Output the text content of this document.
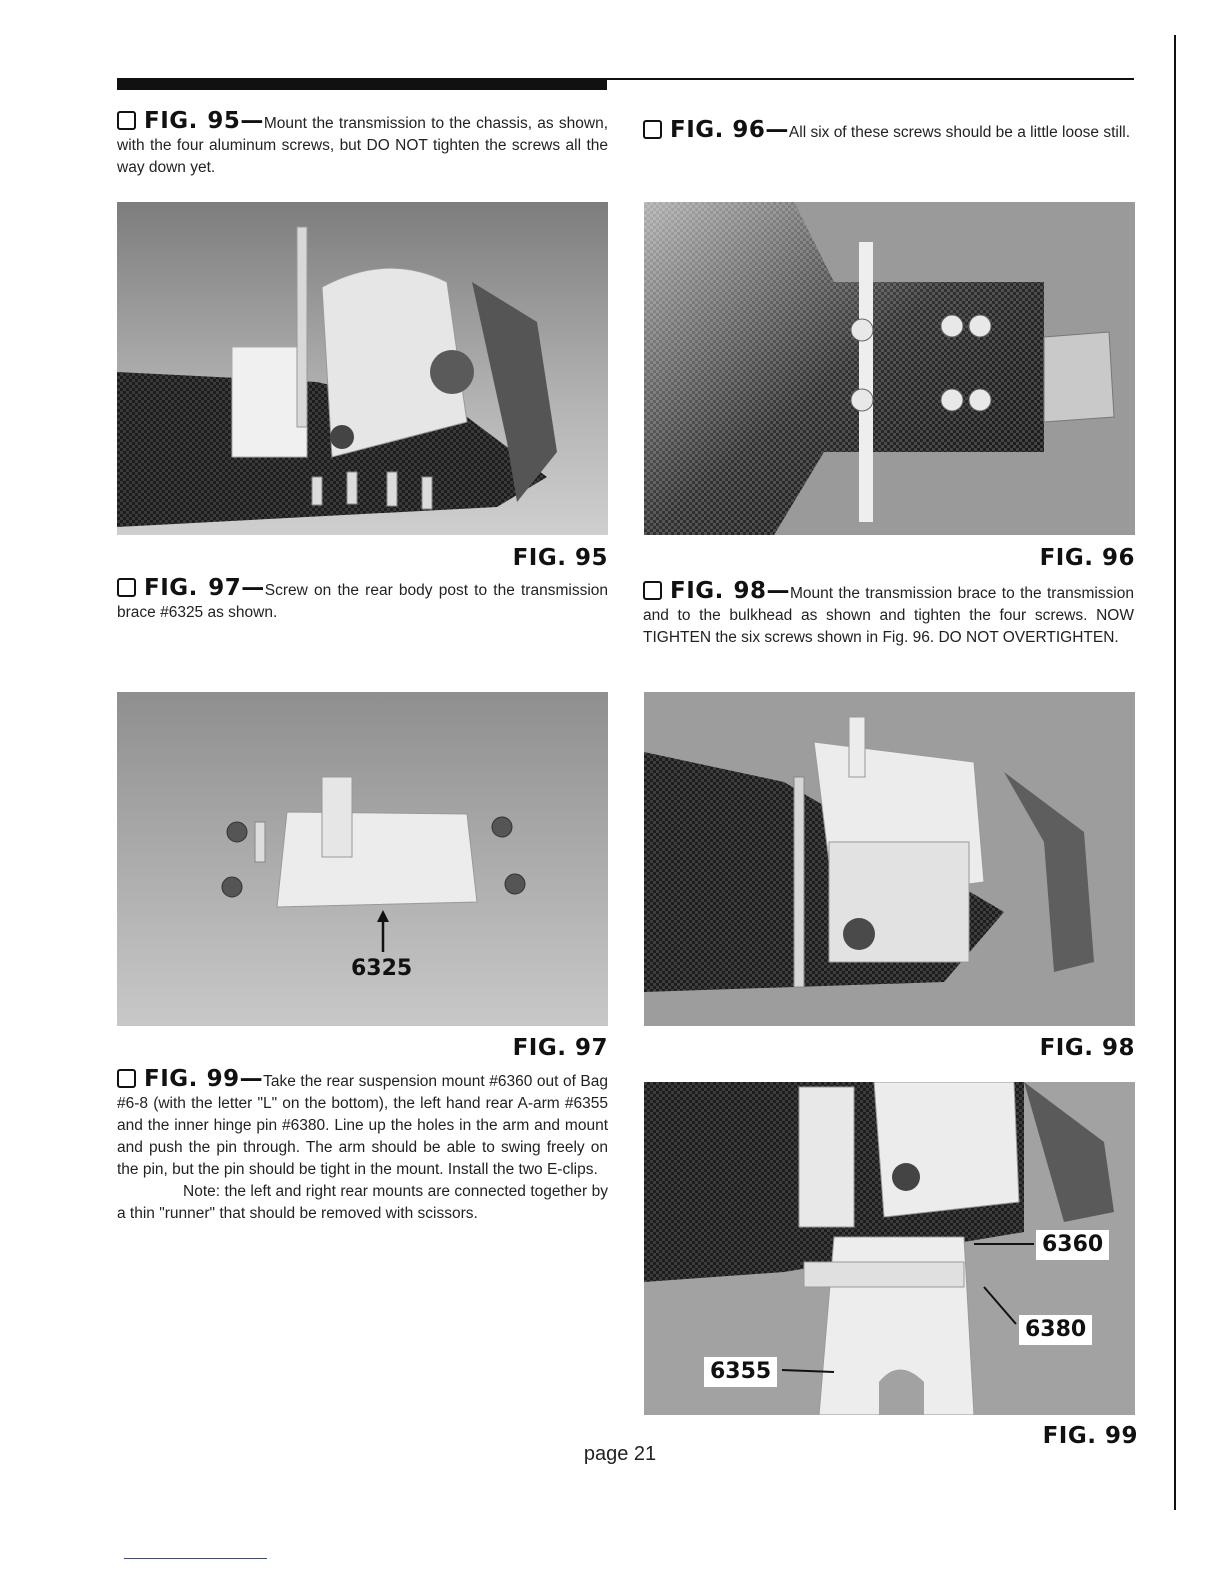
FIG. 95—Mount the transmission to the chassis, as shown, with the four aluminum screws, but DO NOT tighten the screws all the way down yet.

FIG. 96—All six of these screws should be a little loose still.

FIG. 95	FIG. 96

FIG. 97—Screw on the rear body post to the transmission brace #6325 as shown.

FIG. 98—Mount the transmission brace to the transmission and to the bulkhead as shown and tighten the four screws. NOW TIGHTEN the six screws shown in Fig. 96. DO NOT OVERTIGHTEN.

6325
FIG. 97	FIG. 98

FIG. 99—Take the rear suspension mount #6360 out of Bag #6-8 (with the letter "L" on the bottom), the left hand rear A-arm #6355 and the inner hinge pin #6380. Line up the holes in the arm and mount and push the pin through. The arm should be able to swing freely on the pin, but the pin should be tight in the mount. Install the two E-clips.

Note: the left and right rear mounts are connected together by a thin "runner" that should be removed with scissors.

6360
6380
6355
FIG. 99
page 21
